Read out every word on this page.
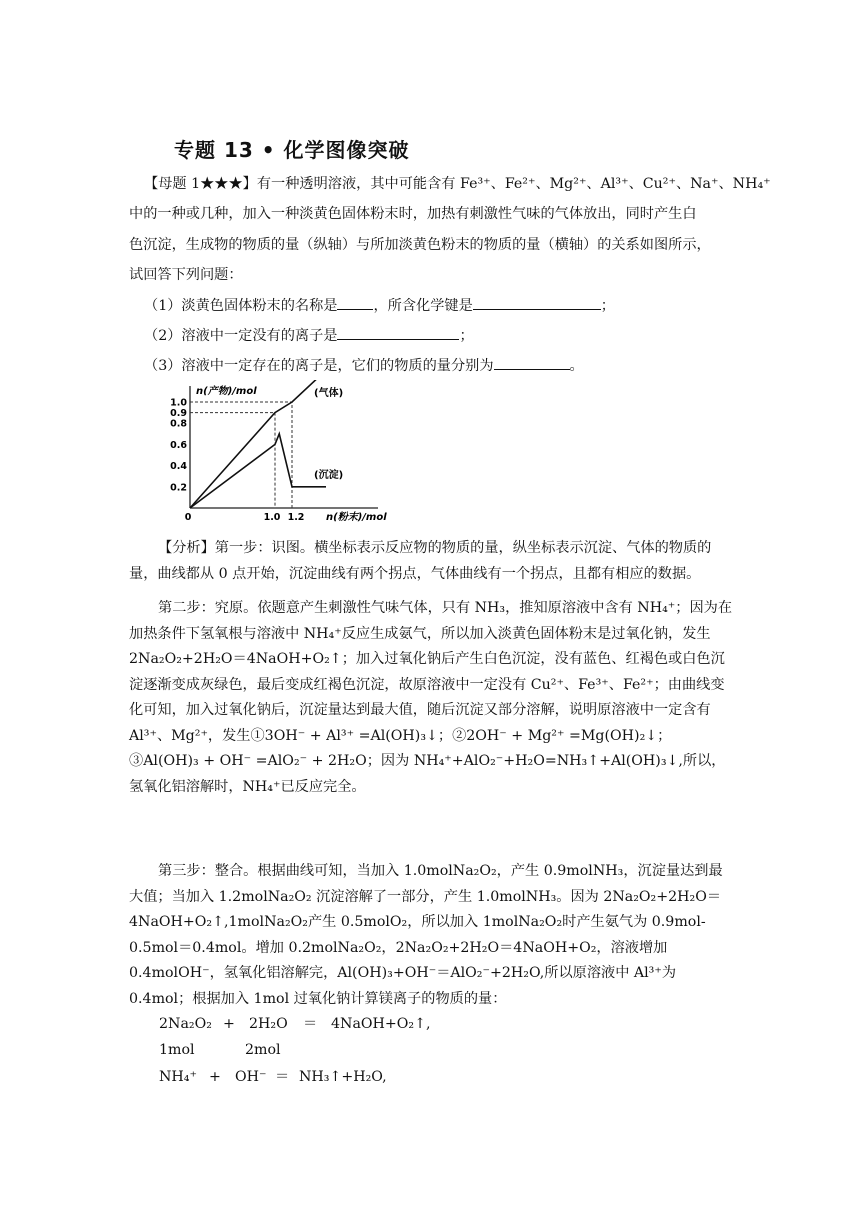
专题 13 • 化学图像突破
【母题 1★★★】有一种透明溶液，其中可能含有 Fe³⁺、Fe²⁺、Mg²⁺、Al³⁺、Cu²⁺、Na⁺、NH₄⁺
中的一种或几种，加入一种淡黄色固体粉末时，加热有刺激性气味的气体放出，同时产生白
色沉淀，生成物的物质的量（纵轴）与所加淡黄色粉末的物质的量（横轴）的关系如图所示，
试回答下列问题：
（1）淡黄色固体粉末的名称是	，所含化学键是	；
（2）溶液中一定没有的离子是	；
（3）溶液中一定存在的离子是，它们的物质的量分别为	。
1.0
0.9
0.8
0.6
0.4
0.2
1.0 1.2
0
n(产物)/mol
n(粉末)/mol
(气体)
(沉淀)
【分析】第一步：识图。横坐标表示反应物的物质的量，纵坐标表示沉淀、气体的物质的量，曲线都从 0 点开始，沉淀曲线有两个拐点，气体曲线有一个拐点，且都有相应的数据。
第二步：究原。依题意产生刺激性气味气体，只有 NH₃，推知原溶液中含有 NH₄⁺；因为在加热条件下氢氧根与溶液中 NH₄⁺反应生成氨气，所以加入淡黄色固体粉末是过氧化钠，发生 2Na₂O₂+2H₂O＝4NaOH+O₂↑；加入过氧化钠后产生白色沉淀，没有蓝色、红褐色或白色沉淀逐渐变成灰绿色，最后变成红褐色沉淀，故原溶液中一定没有 Cu²⁺、Fe³⁺、Fe²⁺；由曲线变化可知，加入过氧化钠后，沉淀量达到最大值，随后沉淀又部分溶解，说明原溶液中一定含有 Al³⁺、Mg²⁺，发生①3OH⁻ + Al³⁺ =Al(OH)₃↓；②2OH⁻ + Mg²⁺ =Mg(OH)₂↓；③Al(OH)₃ + OH⁻ =AlO₂⁻ + 2H₂O；因为 NH₄⁺+AlO₂⁻+H₂O=NH₃↑+Al(OH)₃↓,所以，氢氧化铝溶解时，NH₄⁺已反应完全。
第三步：整合。根据曲线可知，当加入 1.0molNa₂O₂，产生 0.9molNH₃，沉淀量达到最大值；当加入 1.2molNa₂O₂ 沉淀溶解了一部分，产生 1.0molNH₃。因为 2Na₂O₂+2H₂O＝4NaOH+O₂↑,1molNa₂O₂产生 0.5molO₂，所以加入 1molNa₂O₂时产生氨气为 0.9mol-0.5mol＝0.4mol。增加 0.2molNa₂O₂，2Na₂O₂+2H₂O＝4NaOH+O₂，溶液增加 0.4molOH⁻，氢氧化铝溶解完，Al(OH)₃+OH⁻＝AlO₂⁻+2H₂O,所以原溶液中 Al³⁺为 0.4mol；根据加入 1mol 过氧化钠计算镁离子的物质的量：
2Na₂O₂ + 2H₂O ＝ 4NaOH+O₂↑,
1mol	2mol
NH₄⁺ + OH⁻ ＝ NH₃↑+H₂O,
